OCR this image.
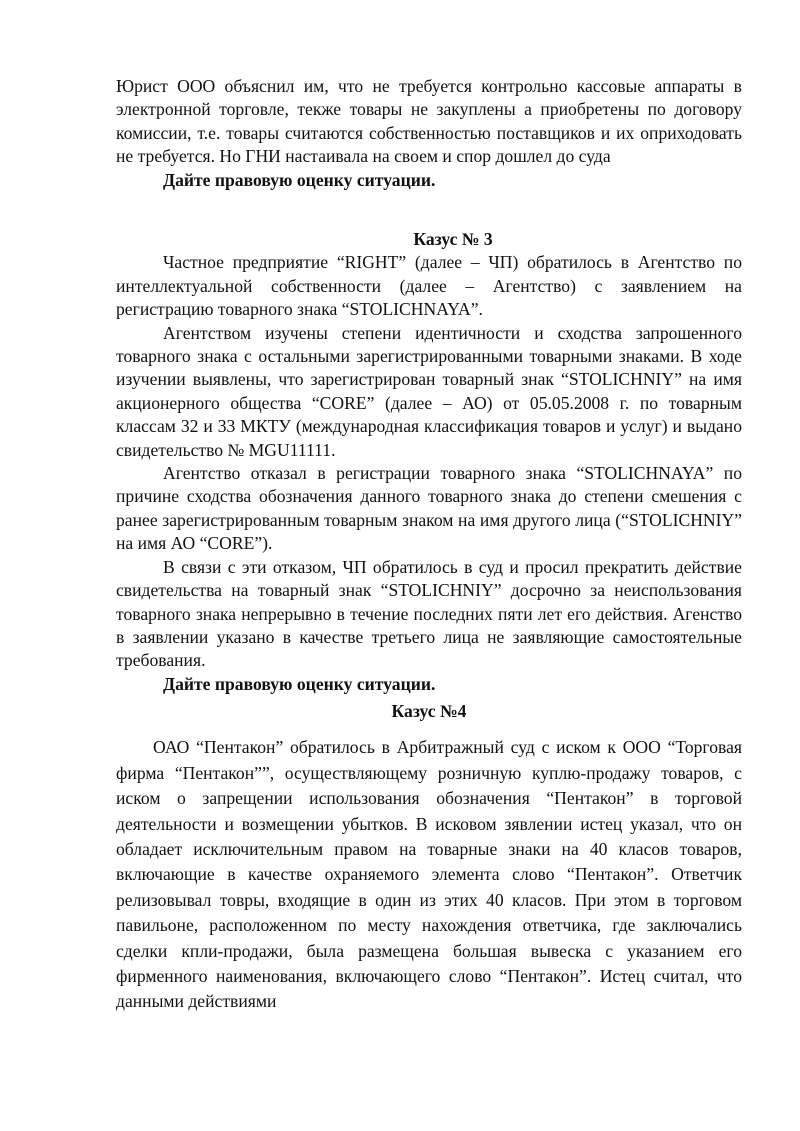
Юрист ООО объяснил им, что не требуется контрольно кассовые аппараты в электронной торговле, текже товары не закуплены а приобретены по договору комиссии, т.е. товары считаются собственностью поставщиков и их оприходовать не требуется. Но ГНИ настаивала на своем и спор дошлел до суда

Дайте правовую оценку ситуации.

Казус № 3

Частное предприятие “RIGHT” (далее – ЧП) обратилось в Агентство по интеллектуальной собственности (далее – Агентство) с заявлением на регистрацию товарного знака “STOLICHNAYA”.

Агентством изучены степени идентичности и сходства запрошенного товарного знака с остальными зарегистрированными товарными знаками. В ходе изучении выявлены, что зарегистрирован товарный знак “STOLICHNIY” на имя акционерного общества “CORE” (далее – АО) от 05.05.2008 г. по товарным классам 32 и 33 МКТУ (международная классификация товаров и услуг) и выдано свидетельство № MGU11111.

Агентство отказал в регистрации товарного знака “STOLICHNAYA” по причине сходства обозначения данного товарного знака до степени смешения с ранее зарегистрированным товарным знаком на имя другого лица (“STOLICHNIY” на имя АО “CORE”).

В связи с эти отказом, ЧП обратилось в суд и просил прекратить действие свидетельства на товарный знак “STOLICHNIY” досрочно за неиспользования товарного знака непрерывно в течение последних пяти лет его действия. Агенство в заявлении указано в качестве третьего лица не заявляющие самостоятельные требования.

Дайте правовую оценку ситуации.

Казус №4

ОАО “Пентакон” обратилось в Арбитражный суд с иском к ООО “Торговая фирма “Пентакон””, осуществляющему розничную куплю-продажу товаров, с иском о запрещении использования обозначения “Пентакон” в торговой деятельности и возмещении убытков. В исковом зявлении истец указал, что он обладает исключительным правом на товарные знаки на 40 класов товаров, включающие в качестве охраняемого элемента слово “Пентакон”. Ответчик релизовывал товры, входящие в один из этих 40 класов. При этом в торговом павильоне, расположенном по месту нахождения ответчика, где заключались сделки кпли-продажи, была размещена большая вывеска с указанием его фирменного наименования, включающего слово “Пентакон”. Истец считал, что данными действиями
